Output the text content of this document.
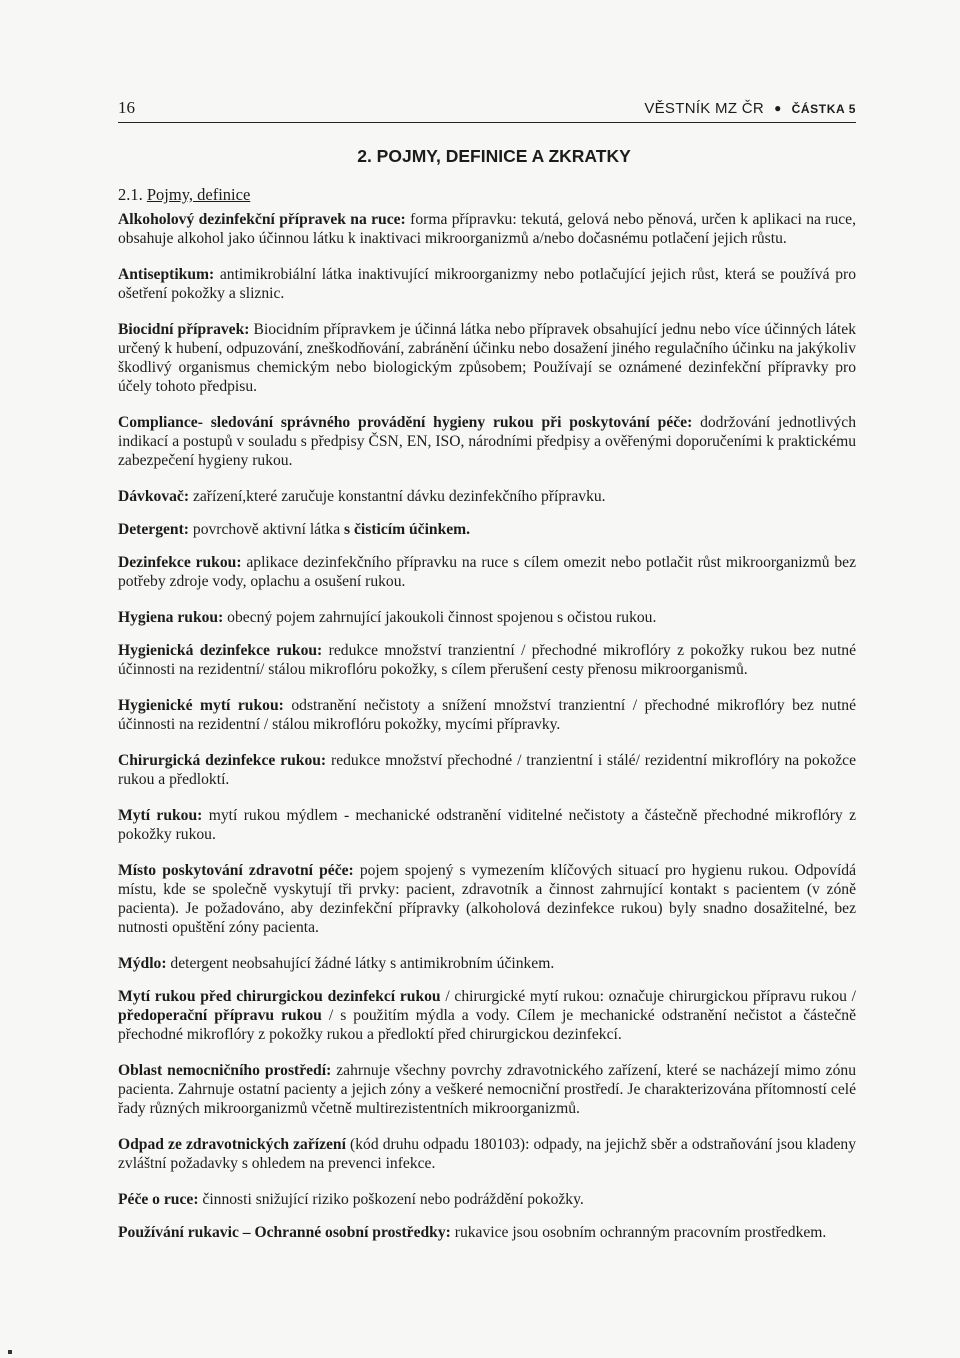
16	VĚSTNÍK MZ ČR ● ČÁSTKA 5
2. POJMY, DEFINICE A ZKRATKY
2.1. Pojmy, definice

Alkoholový dezinfekční přípravek na ruce: forma přípravku: tekutá, gelová nebo pěnová, určen k aplikaci na ruce, obsahuje alkohol jako účinnou látku k inaktivaci mikroorganizmů a/nebo dočasnému potlačení jejich růstu.

Antiseptikum: antimikrobiální látka inaktivující mikroorganizmy nebo potlačující jejich růst, která se používá pro ošetření pokožky a sliznic.

Biocidní přípravek: Biocidním přípravkem je účinná látka nebo přípravek obsahující jednu nebo více účinných látek určený k hubení, odpuzování, zneškodňování, zabránění účinku nebo dosažení jiného regulačního účinku na jakýkoliv škodlivý organismus chemickým nebo biologickým způsobem; Používají se oznámené dezinfekční přípravky pro účely tohoto předpisu.

Compliance- sledování správného provádění hygieny rukou při poskytování péče: dodržování jednotlivých indikací a postupů v souladu s předpisy ČSN, EN, ISO, národními předpisy a ověřenými doporučeními k praktickému zabezpečení hygieny rukou.

Dávkovač: zařízení,které zaručuje konstantní dávku dezinfekčního přípravku.

Detergent: povrchově aktivní látka s čisticím účinkem.

Dezinfekce rukou: aplikace dezinfekčního přípravku na ruce s cílem omezit nebo potlačit růst mikroorganizmů bez potřeby zdroje vody, oplachu a osušení rukou.

Hygiena rukou: obecný pojem zahrnující jakoukoli činnost spojenou s očistou rukou.

Hygienická dezinfekce rukou: redukce množství tranzientní / přechodné mikroflóry z pokožky rukou bez nutné účinnosti na rezidentní/ stálou mikroflóru pokožky, s cílem přerušení cesty přenosu mikroorganismů.

Hygienické mytí rukou: odstranění nečistoty a snížení množství tranzientní / přechodné mikroflóry bez nutné účinnosti na rezidentní / stálou mikroflóru pokožky, mycími přípravky.

Chirurgická dezinfekce rukou: redukce množství přechodné / tranzientní i stálé/ rezidentní mikroflóry na pokožce rukou a předloktí.

Mytí rukou: mytí rukou mýdlem - mechanické odstranění viditelné nečistoty a částečně přechodné mikroflóry z pokožky rukou.

Místo poskytování zdravotní péče: pojem spojený s vymezením klíčových situací pro hygienu rukou. Odpovídá místu, kde se společně vyskytují tři prvky: pacient, zdravotník a činnost zahrnující kontakt s pacientem (v zóně pacienta). Je požadováno, aby dezinfekční přípravky (alkoholová dezinfekce rukou) byly snadno dosažitelné, bez nutnosti opuštění zóny pacienta.

Mýdlo: detergent neobsahující žádné látky s antimikrobním účinkem.

Mytí rukou před chirurgickou dezinfekcí rukou / chirurgické mytí rukou: označuje chirurgickou přípravu rukou / předoperační přípravu rukou / s použitím mýdla a vody. Cílem je mechanické odstranění nečistot a částečně přechodné mikroflóry z pokožky rukou a předloktí před chirurgickou dezinfekcí.

Oblast nemocničního prostředí: zahrnuje všechny povrchy zdravotnického zařízení, které se nacházejí mimo zónu pacienta. Zahrnuje ostatní pacienty a jejich zóny a veškeré nemocniční prostředí. Je charakterizována přítomností celé řady různých mikroorganizmů včetně multirezistentních mikroorganizmů.

Odpad ze zdravotnických zařízení (kód druhu odpadu 180103): odpady, na jejichž sběr a odstraňování jsou kladeny zvláštní požadavky s ohledem na prevenci infekce.

Péče o ruce: činnosti snižující riziko poškození nebo podráždění pokožky.

Používání rukavic – Ochranné osobní prostředky: rukavice jsou osobním ochranným pracovním prostředkem.
